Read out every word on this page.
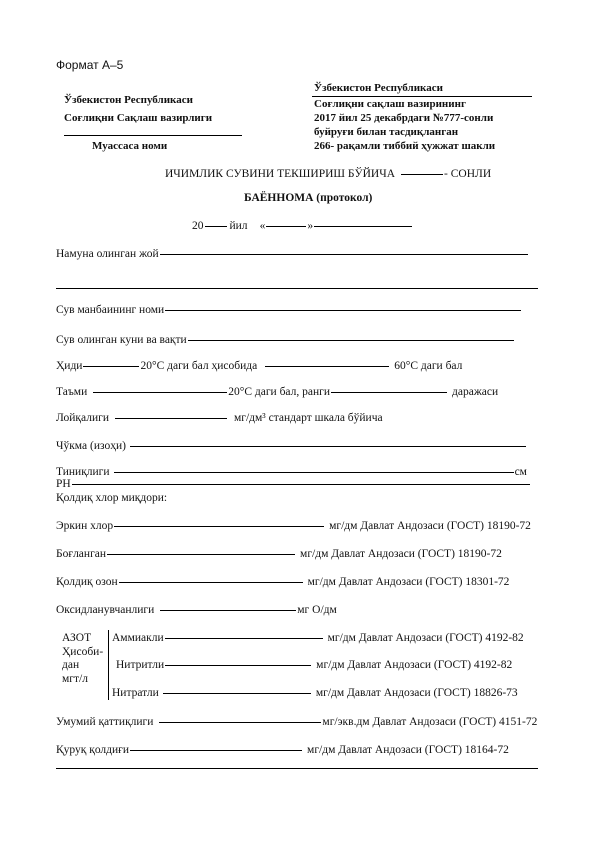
Формат А–5
Ўзбекистон Республикаси
Соғлиқни Сақлаш вазирлиги
Муассаса номи
Ўзбекистон Республикаси
Соғлиқни сақлаш вазирининг
2017 йил 25 декабрдаги №777-сонли
буйруғи билан тасдиқланган
266- рақамли тиббий ҳужжат шакли
ИЧИМЛИК СУВИНИ ТЕКШИРИШ БЎЙИЧА	- СОНЛИ
БАЁННОМА (протокол)
20 йил «	»
Намуна олинган жой
Сув манбаининг номи
Сув олинган куни ва вақти
Ҳиди	20°С даги бал ҳисобида	60°С даги бал
Таъми	20°С даги бал, ранги	даражаси
Лойқалиги	мг/дм³ стандарт шкала бўйича
Чўкма (изоҳи)
Тиниқлиги	см
РН
Қолдиқ хлор миқдори:
Эркин хлор	мг/дм Давлат Андозаси (ГОСТ) 18190-72
Боғланган	мг/дм Давлат Андозаси (ГОСТ) 18190-72
Қолдиқ озон	мг/дм Давлат Андозаси (ГОСТ) 18301-72
Оксидланувчанлиги	мг О/дм
АЗОТ
Ҳисоби-
дан
мгт/л
Аммиакли	мг/дм Давлат Андозаси (ГОСТ) 4192-82
Нитритли	мг/дм Давлат Андозаси (ГОСТ) 4192-82
Нитратли	мг/дм Давлат Андозаси (ГОСТ) 18826-73
Умумий қаттиқлиги	мг/экв.дм Давлат Андозаси (ГОСТ) 4151-72
Қуруқ қолдиғи	мг/дм Давлат Андозаси (ГОСТ) 18164-72
